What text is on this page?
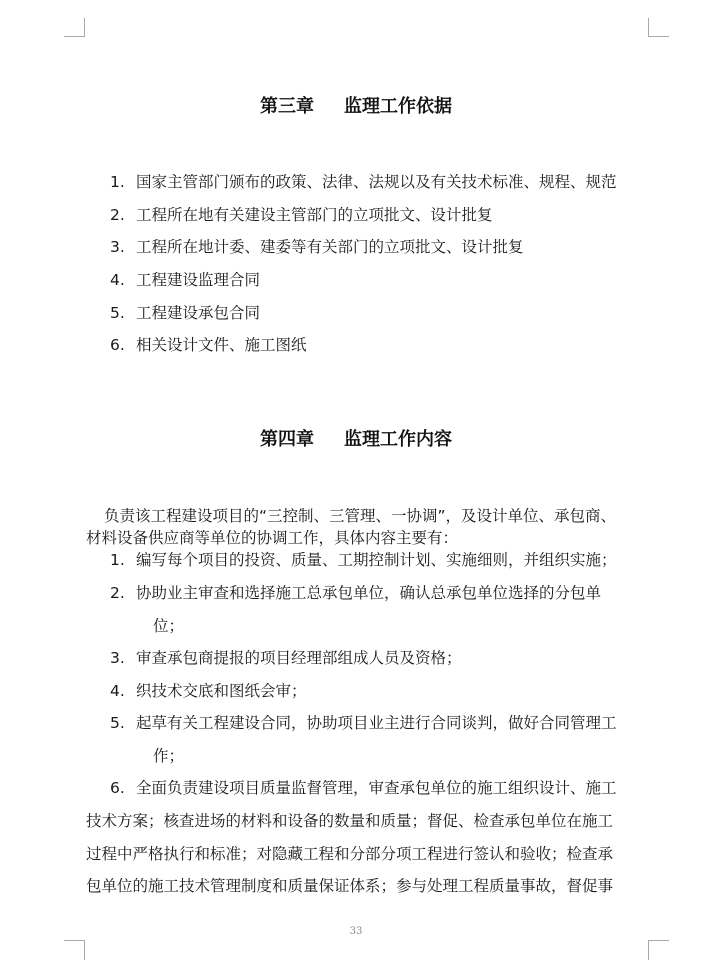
第三章 监理工作依据
1. 国家主管部门颁布的政策、法律、法规以及有关技术标准、规程、规范
2. 工程所在地有关建设主管部门的立项批文、设计批复
3. 工程所在地计委、建委等有关部门的立项批文、设计批复
4. 工程建设监理合同
5. 工程建设承包合同
6. 相关设计文件、施工图纸
第四章 监理工作内容
负责该工程建设项目的“三控制、三管理、一协调”，及设计单位、承包商、
材料设备供应商等单位的协调工作，具体内容主要有：
1. 编写每个项目的投资、质量、工期控制计划、实施细则，并组织实施；
2. 协助业主审查和选择施工总承包单位，确认总承包单位选择的分包单
位；
3. 审查承包商提报的项目经理部组成人员及资格；
4. 织技术交底和图纸会审；
5. 起草有关工程建设合同，协助项目业主进行合同谈判，做好合同管理工
作；
6. 全面负责建设项目质量监督管理，审查承包单位的施工组织设计、施工
技术方案；核查进场的材料和设备的数量和质量；督促、检查承包单位在施工
过程中严格执行和标准；对隐藏工程和分部分项工程进行签认和验收；检查承
包单位的施工技术管理制度和质量保证体系；参与处理工程质量事故，督促事
33
